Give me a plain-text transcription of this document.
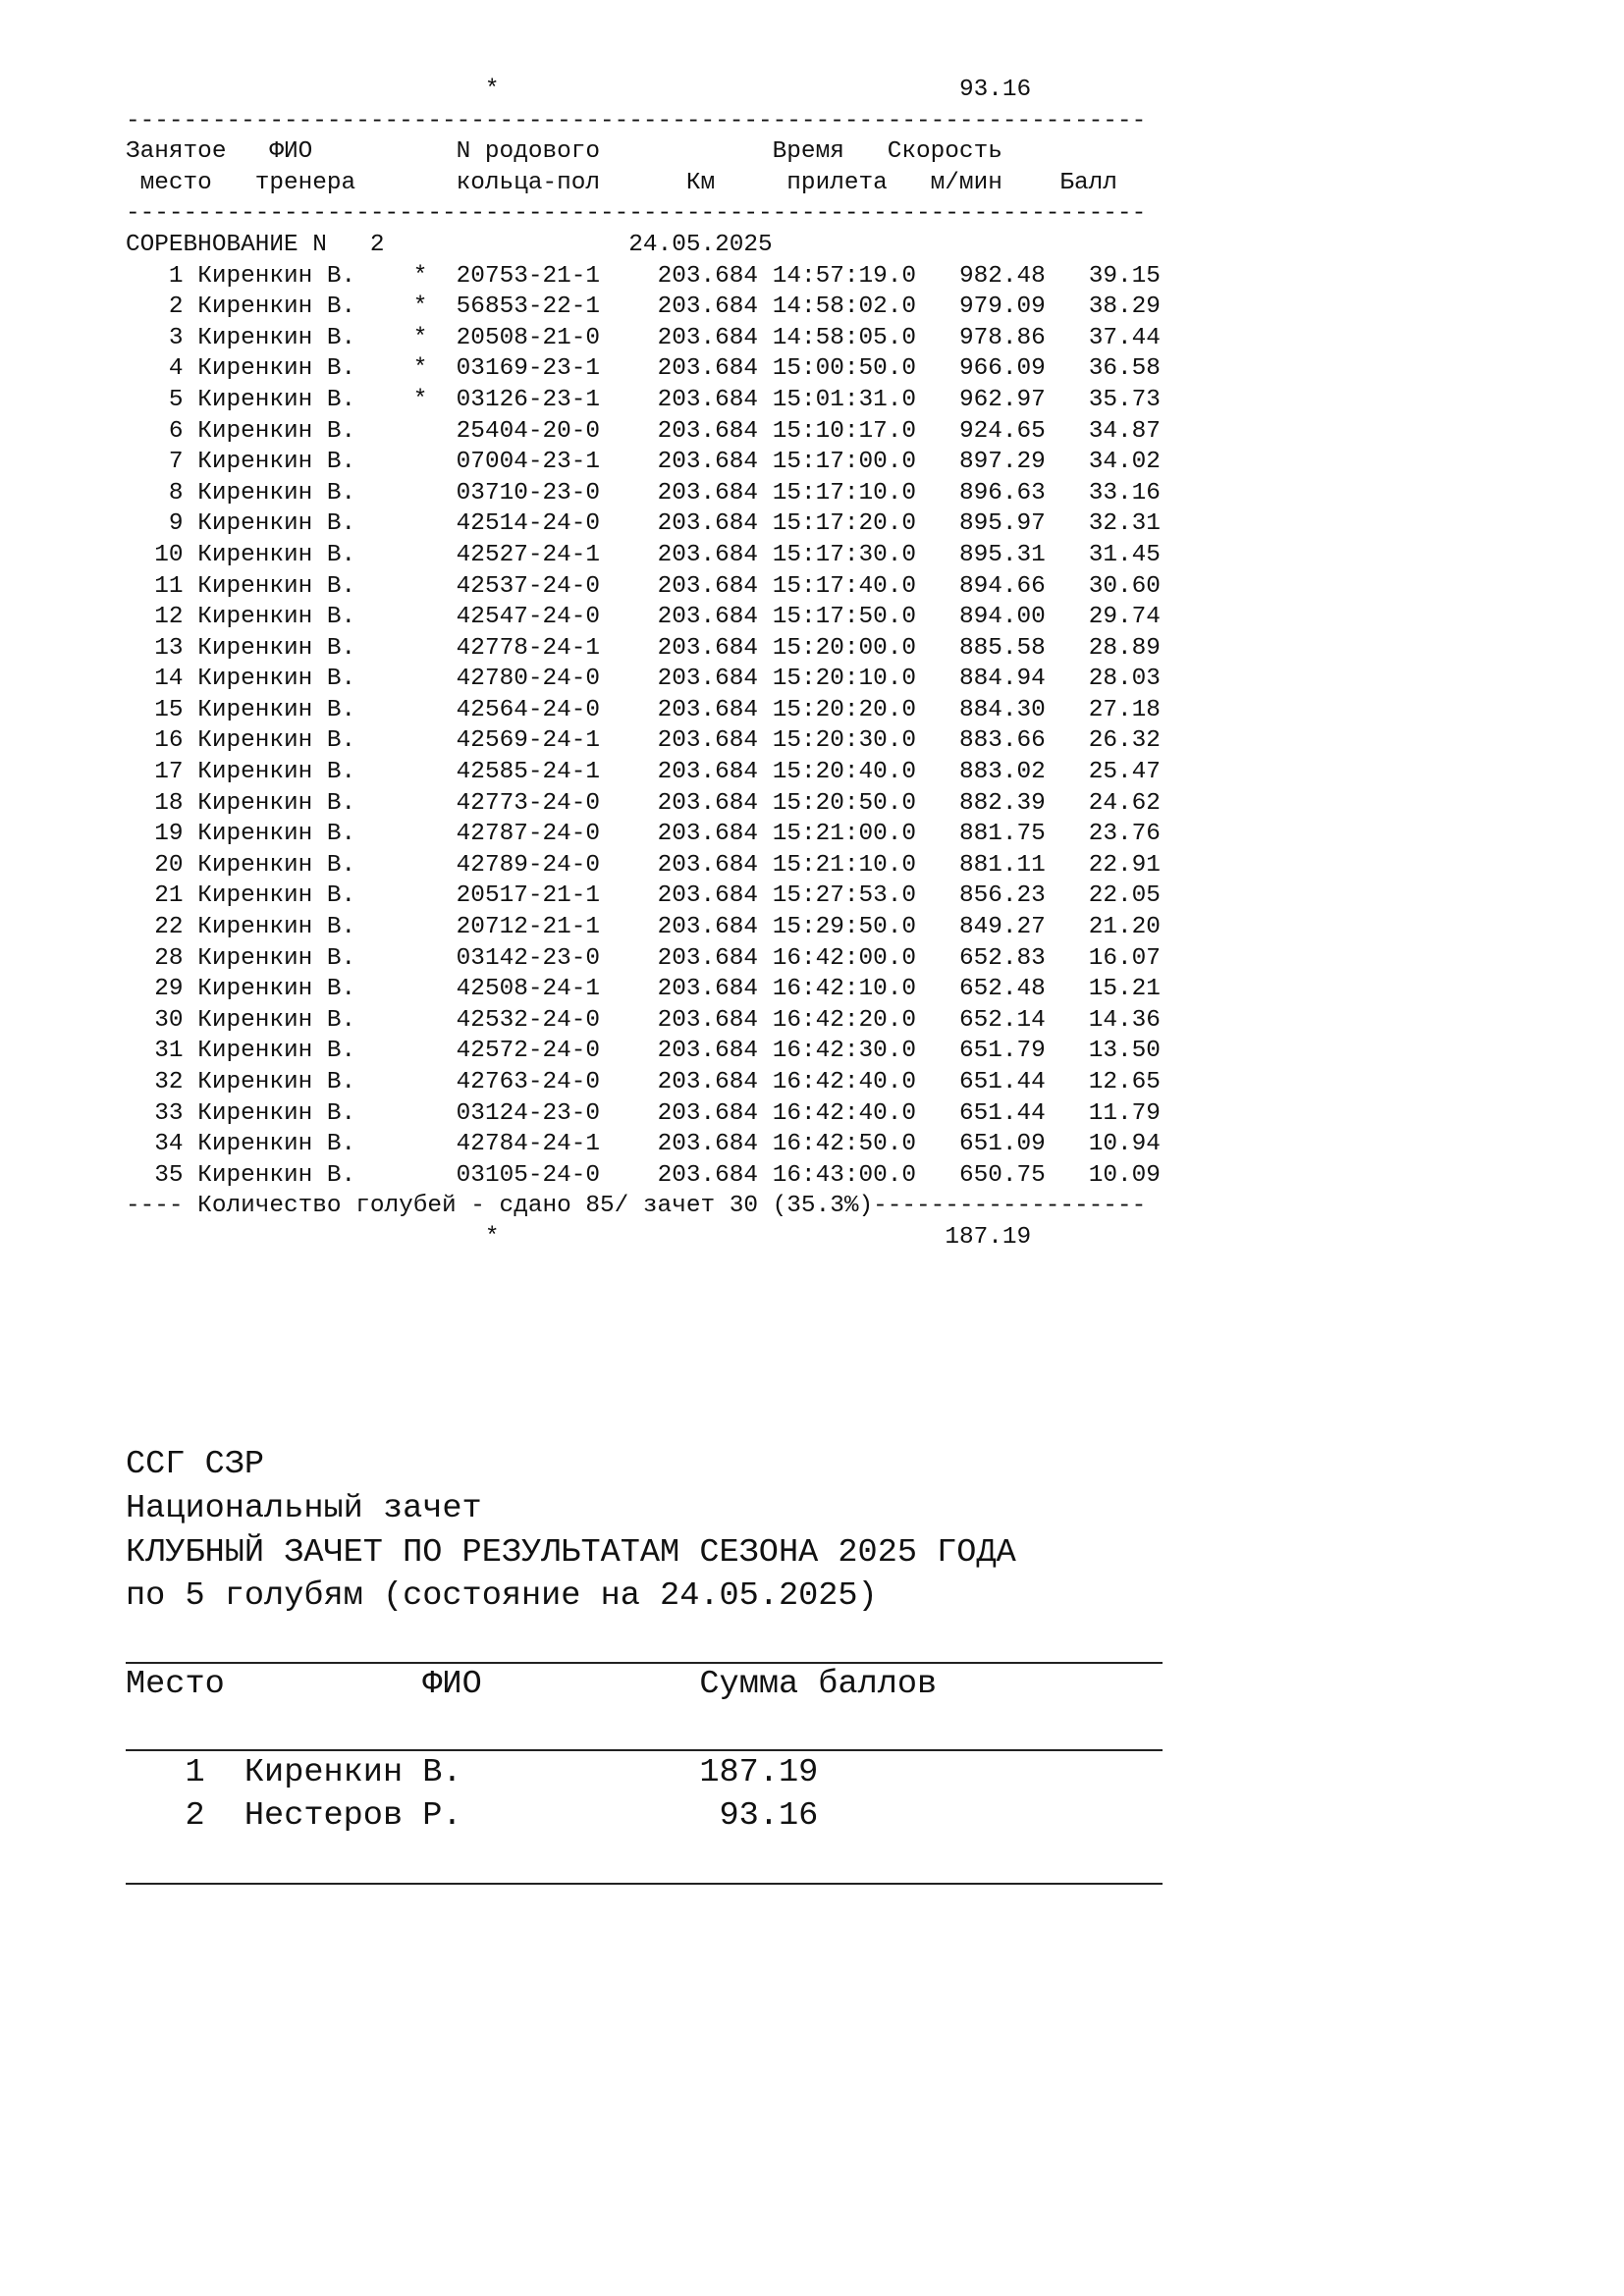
*	93.16
-----------------------------------------------------------------------
Занятое   ФИО          N родового            Время   Скорость
место   тренера       кольца-пол      Км     прилета   м/мин    Балл
-----------------------------------------------------------------------
СОРЕВНОВАНИЕ N   2	24.05.2025
1 Киренкин В.    *  20753-21-1    203.684 14:57:19.0   982.48   39.15
2 Киренкин В.    *  56853-22-1    203.684 14:58:02.0   979.09   38.29
3 Киренкин В.    *  20508-21-0    203.684 14:58:05.0   978.86   37.44
4 Киренкин В.    *  03169-23-1    203.684 15:00:50.0   966.09   36.58
5 Киренкин В.    *  03126-23-1    203.684 15:01:31.0   962.97   35.73
6 Киренкин В.	25404-20-0    203.684 15:10:17.0   924.65   34.87
7 Киренкин В.	07004-23-1    203.684 15:17:00.0   897.29   34.02
8 Киренкин В.	03710-23-0    203.684 15:17:10.0   896.63   33.16
9 Киренкин В.	42514-24-0    203.684 15:17:20.0   895.97   32.31
10 Киренкин В.	42527-24-1    203.684 15:17:30.0   895.31   31.45
11 Киренкин В.	42537-24-0    203.684 15:17:40.0   894.66   30.60
12 Киренкин В.	42547-24-0    203.684 15:17:50.0   894.00   29.74
13 Киренкин В.	42778-24-1    203.684 15:20:00.0   885.58   28.89
14 Киренкин В.	42780-24-0    203.684 15:20:10.0   884.94   28.03
15 Киренкин В.	42564-24-0    203.684 15:20:20.0   884.30   27.18
16 Киренкин В.	42569-24-1    203.684 15:20:30.0   883.66   26.32
17 Киренкин В.	42585-24-1    203.684 15:20:40.0   883.02   25.47
18 Киренкин В.	42773-24-0    203.684 15:20:50.0   882.39   24.62
19 Киренкин В.	42787-24-0    203.684 15:21:00.0   881.75   23.76
20 Киренкин В.	42789-24-0    203.684 15:21:10.0   881.11   22.91
21 Киренкин В.	20517-21-1    203.684 15:27:53.0   856.23   22.05
22 Киренкин В.	20712-21-1    203.684 15:29:50.0   849.27   21.20
28 Киренкин В.	03142-23-0    203.684 16:42:00.0   652.83   16.07
29 Киренкин В.	42508-24-1    203.684 16:42:10.0   652.48   15.21
30 Киренкин В.	42532-24-0    203.684 16:42:20.0   652.14   14.36
31 Киренкин В.	42572-24-0    203.684 16:42:30.0   651.79   13.50
32 Киренкин В.	42763-24-0    203.684 16:42:40.0   651.44   12.65
33 Киренкин В.	03124-23-0    203.684 16:42:40.0   651.44   11.79
34 Киренкин В.	42784-24-1    203.684 16:42:50.0   651.09   10.94
35 Киренкин В.	03105-24-0    203.684 16:43:00.0   650.75   10.09
---- Количество голубей - сдано 85/ зачет 30 (35.3%)-------------------
*	187.19
ССГ СЗР
Национальный зачет
КЛУБНЫЙ ЗАЧЕТ ПО РЕЗУЛЬТАТАМ СЕЗОНА 2025 ГОДА
по 5 голубям (состояние на 24.05.2025)

Место	ФИО	Сумма баллов

1  Киренкин В.            187.19
2  Нестеров Р.             93.16
